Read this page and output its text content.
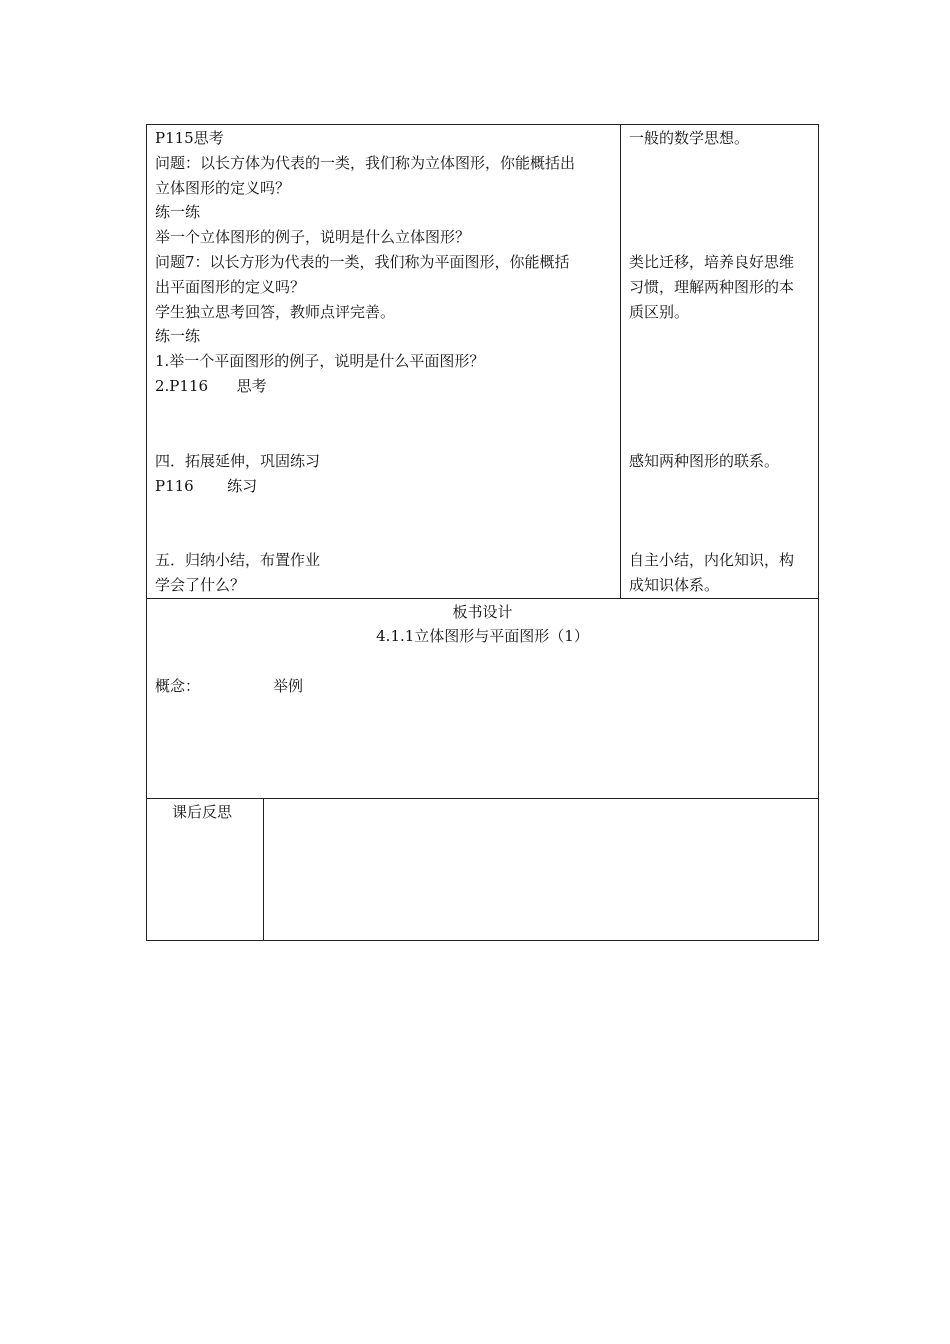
P115思考
问题：以长方体为代表的一类，我们称为立体图形，你能概括出
立体图形的定义吗？
练一练
举一个立体图形的例子，说明是什么立体图形？
问题7：以长方形为代表的一类，我们称为平面图形，你能概括
出平面图形的定义吗？
学生独立思考回答，教师点评完善。
练一练
1.举一个平面图形的例子，说明是什么平面图形？
2.P116      思考
四．拓展延伸，巩固练习
P116       练习
五．归纳小结，布置作业
学会了什么？
一般的数学思想。
类比迁移，培养良好思维
习惯，理解两种图形的本
质区别。
感知两种图形的联系。
自主小结，内化知识，构
成知识体系。
板书设计
4.1.1立体图形与平面图形（1）
概念：	举例
课后反思
